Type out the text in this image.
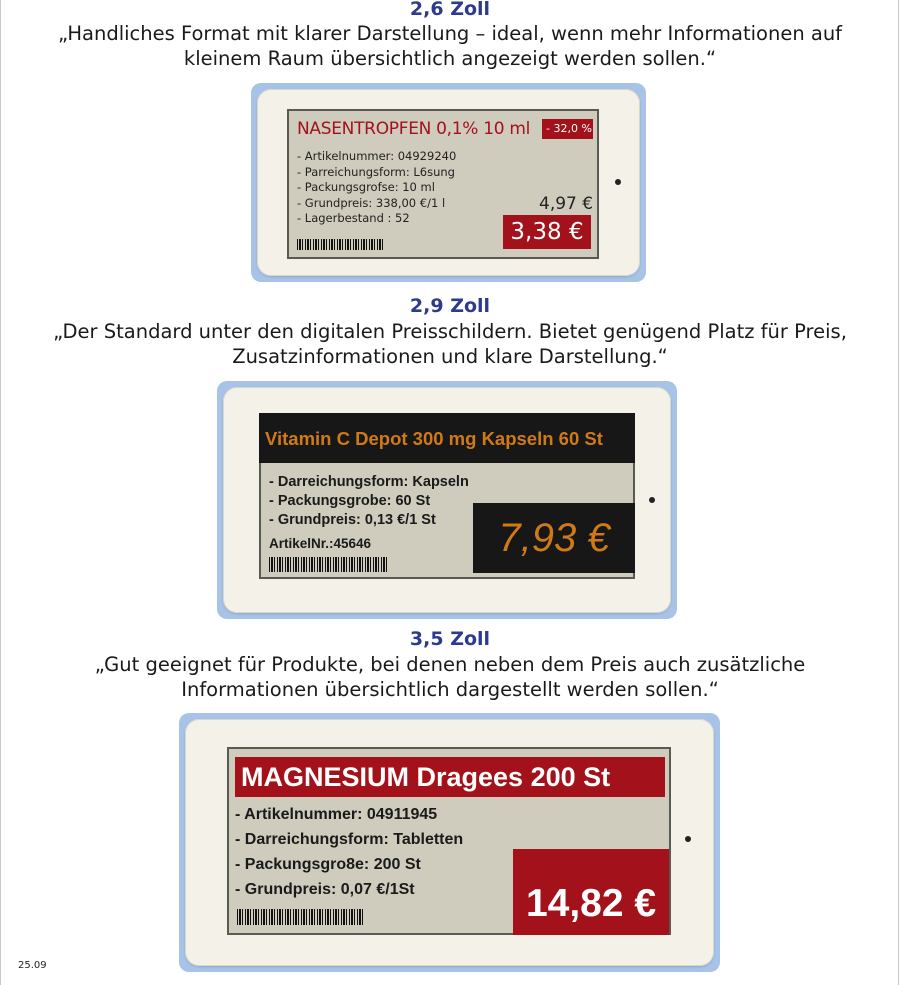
2,6 Zoll
„Handliches Format mit klarer Darstellung – ideal, wenn mehr Informationen auf
kleinem Raum übersichtlich angezeigt werden sollen.“
NASENTROPFEN 0,1% 10 ml	- 32,0 %
- Artikelnummer: 04929240
- Parreichungsform: L6sung
- Packungsgrofse: 10 ml
- Grundpreis: 338,00 €/1 l
- Lagerbestand : 52
4,97 €
3,38 €
2,9 Zoll
„Der Standard unter den digitalen Preisschildern. Bietet genügend Platz für Preis,
Zusatzinformationen und klare Darstellung.“
Vitamin C Depot 300 mg Kapseln 60 St
- Darreichungsform: Kapseln
- Packungsgrobe: 60 St
- Grundpreis: 0,13 €/1 St
ArtikelNr.:45646	7,93 €
3,5 Zoll
„Gut geeignet für Produkte, bei denen neben dem Preis auch zusätzliche
Informationen übersichtlich dargestellt werden sollen.“
MAGNESIUM Dragees 200 St
- Artikelnummer: 04911945
- Darreichungsform: Tabletten
- Packungsgro8e: 200 St
- Grundpreis: 0,07 €/1St	14,82 €
25.09
